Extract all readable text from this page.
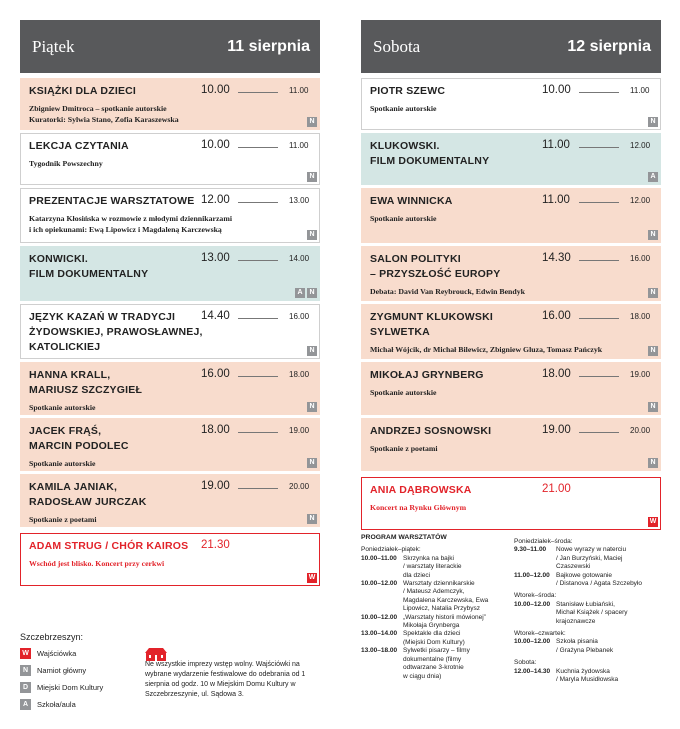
Piątek	11 sierpnia
KSIĄŻKI DLA DZIECI
Zbigniew Dmitroca – spotkanie autorskie
Kuratorki: Sylwia Stano, Zofia Karaszewska
10.00	11.00
N
LEKCJA CZYTANIA
Tygodnik Powszechny
10.00	11.00
N
PREZENTACJE WARSZTATOWE
Katarzyna Kłosińska w rozmowie z młodymi dziennikarzami
i ich opiekunami: Ewą Lipowicz i Magdaleną Karczewską
12.00	13.00
N
KONWICKI.
FILM DOKUMENTALNY
13.00	14.00
A N
JĘZYK KAZAŃ W TRADYCJI
ŻYDOWSKIEJ, PRAWOSŁAWNEJ, KATOLICKIEJ
14.40	16.00
N
HANNA KRALL,
MARIUSZ SZCZYGIEŁ
Spotkanie autorskie
16.00	18.00
N
JACEK FRĄŚ,
MARCIN PODOLEC
Spotkanie autorskie
18.00	19.00
N
KAMILA JANIAK,
RADOSŁAW JURCZAK
Spotkanie z poetami
19.00	20.00
N
ADAM STRUG / CHÓR KAIROS
Wschód jest blisko. Koncert przy cerkwi
21.30
W
Sobota	12 sierpnia
PIOTR SZEWC
Spotkanie autorskie
10.00	11.00
N
KLUKOWSKI.
FILM DOKUMENTALNY
11.00	12.00
A
EWA WINNICKA
Spotkanie autorskie
11.00	12.00
N
SALON POLITYKI
– PRZYSZŁOŚĆ EUROPY
Debata: David Van Reybrouck, Edwin Bendyk
14.30	16.00
N
ZYGMUNT KLUKOWSKI
SYLWETKA
Michał Wójcik, dr Michał Bilewicz, Zbigniew Gluza, Tomasz Pańczyk
16.00	18.00
N
MIKOŁAJ GRYNBERG
Spotkanie autorskie
18.00	19.00
N
ANDRZEJ SOSNOWSKI
Spotkanie z poetami
19.00	20.00
N
ANIA DĄBROWSKA
Koncert na Rynku Głównym
21.00
W
Szczebrzeszyn:
W Wajściówka
N	Namiot główny
D	Miejski Dom Kultury
A	Szkoła/aula
Ne wszystkie imprezy wstęp wolny. Wajściówki na wybrane wydarzenie festiwalowe do odebrania od 1 sierpnia od godz. 10 w Miejskim Domu Kultury w Szczebrzeszynie, ul. Sądowa 3.
PROGRAM WARSZTATÓW
Poniedziałek–piątek:
10.00–11.00 Skrzynka na bajki
/ warsztaty literackie
dla dzieci
10.00–12.00 Warsztaty dziennikarskie
/ Mateusz Ademczyk,
Magdalena Karczewska, Ewa
Lipowicz, Natalia Przybysz
10.00–12.00 „Warsztaty historii mówionej”
Mikołaja Grynberga
13.00–14.00 Spektakle dla dzieci
(Miejski Dom Kultury)
13.00–18.00 Sylwetki pisarzy – filmy
dokumentalne (filmy
odtwarzane 3-krotnie
w ciągu dnia)
Poniedziałek–środa:
9.30–11.00	Nowe wyrazy w naterciu
/ Jan Burzyński, Maciej
Czaszewski
11.00–12.00 Bajkowe gotowanie
/ Distanova / Agata Szczebyło
Wtorek–środa:
10.00–12.00 Stanisław Łubiański,
Michał Książek / spacery
krajoznawcze
Wtorek–czwartek:
10.00–12.00 Szkoła pisania
/ Grażyna Plebanek
Sobota:
12.00–14.30 Kuchnia żydowska
/ Maryla Musidłowska
